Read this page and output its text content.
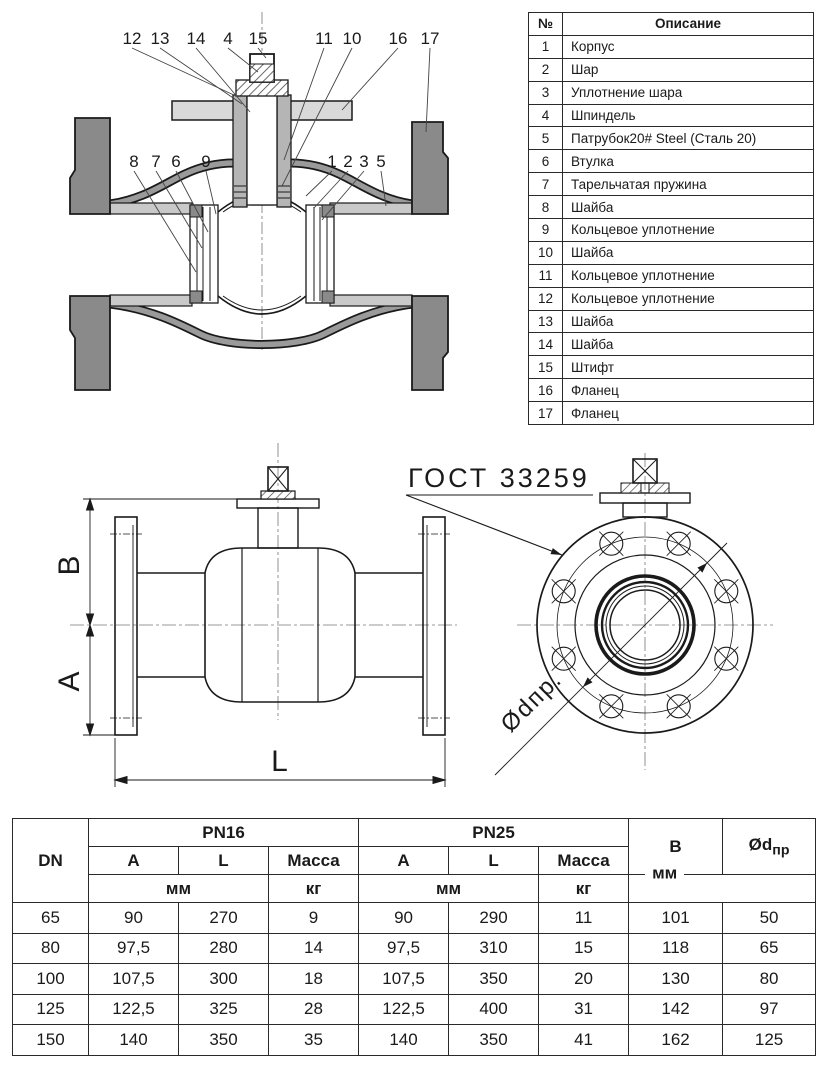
12 13 14 4 15	11 10 16 17
8 7 6 9	1 2 3 5
№	Описание
1	Корпус
2	Шар
3	Уплотнение шара
4	Шпиндель
5	Патрубок20# Steel (Сталь 20)
6	Втулка
7	Тарельчатая пружина
8	Шайба
9	Кольцевое уплотнение
10	Шайба
11	Кольцевое уплотнение
12	Кольцевое уплотнение
13	Шайба
14	Шайба
15	Штифт
16	Фланец
17	Фланец
B
A
L
ГОСТ 33259
Ødпр.
DN	PN16			PN25			B	$Ød_{пр}$
	A	L	Масса	A	L	Масса		
	мм		кг	мм		кг	мм	

65	90	270	9	90	290	11	101	50
80	97,5	280	14	97,5	310	15	118	65
100	107,5	300	18	107,5	350	20	130	80
125	122,5	325	28	122,5	400	31	142	97
150	140	350	35	140	350	41	162	125
